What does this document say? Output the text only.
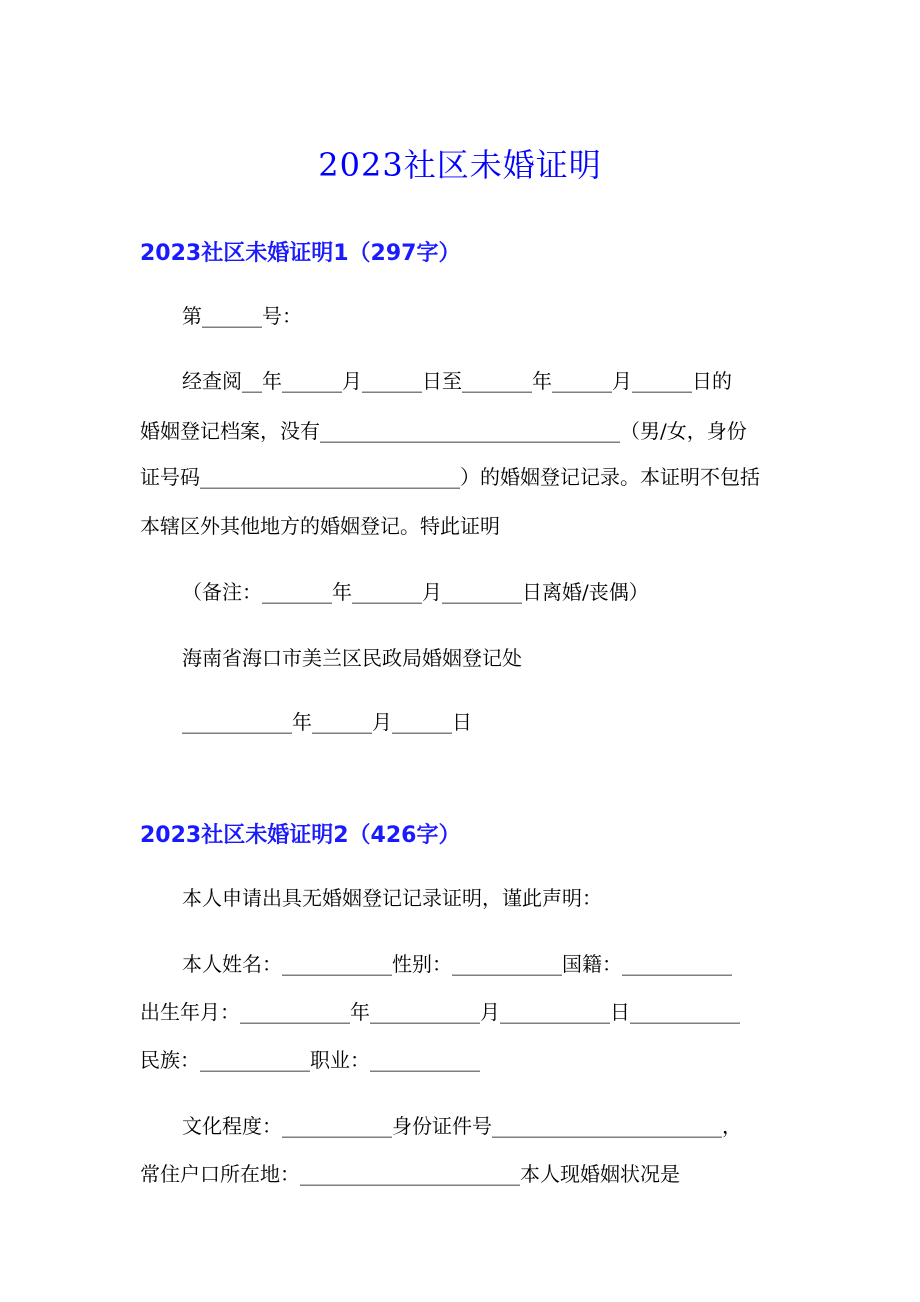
2023社区未婚证明
2023社区未婚证明1（297字）
第______号：
经查阅__年______月______日至_______年______月______日的
婚姻登记档案，没有______________________________（男/女，身份
证号码__________________________）的婚姻登记记录。本证明不包括
本辖区外其他地方的婚姻登记。特此证明
（备注：_______年_______月________日离婚/丧偶）
海南省海口市美兰区民政局婚姻登记处
___________年______月______日
2023社区未婚证明2（426字）
本人申请出具无婚姻登记记录证明，谨此声明：
本人姓名：___________性别：___________国籍：___________
出生年月：___________年___________月___________日___________
民族：___________职业：___________
文化程度：___________身份证件号_______________________，
常住户口所在地：______________________本人现婚姻状况是
